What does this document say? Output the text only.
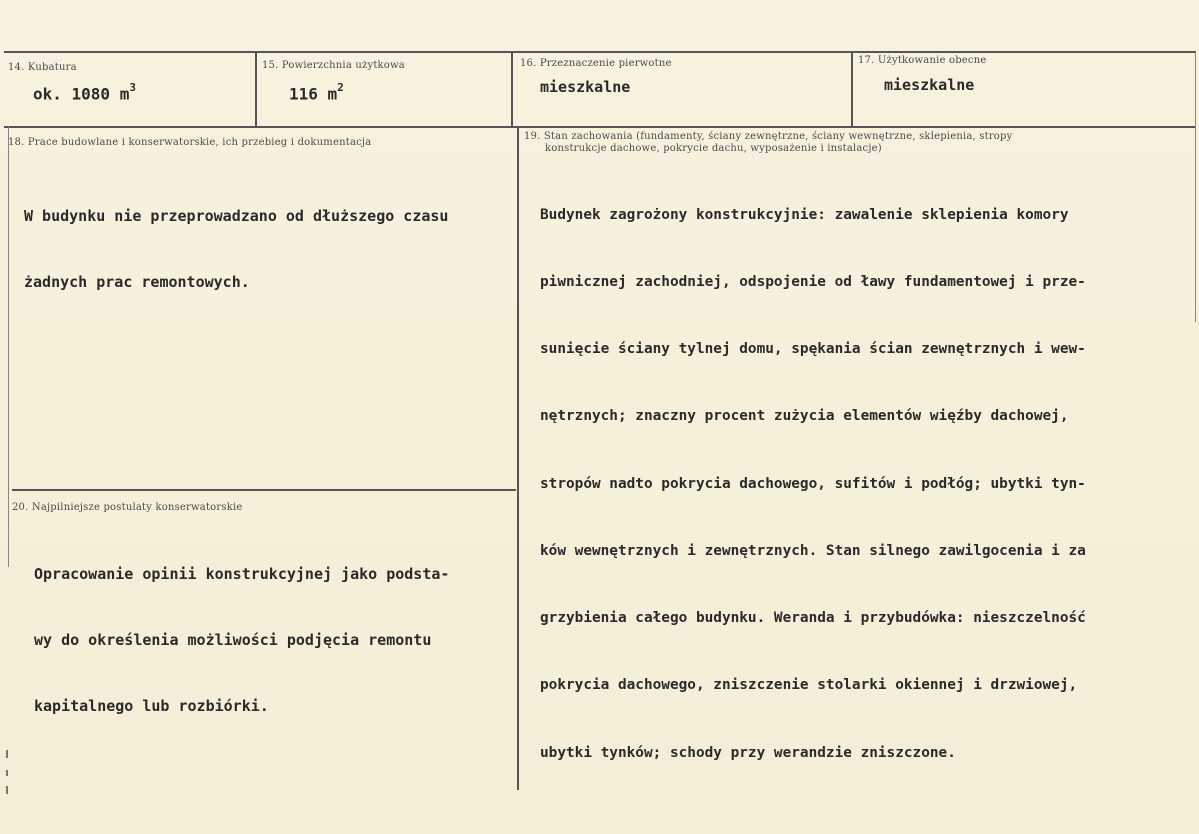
14. Kubatura
ok. 1080 $m^3$
15. Powierzchnia użytkowa
116 $m^2$
16. Przeznaczenie pierwotne
mieszkalne
17. Użytkowanie obecne
mieszkalne
18. Prace budowlane i konserwatorskie, ich przebieg i dokumentacja

W budynku nie przeprowadzano od dłuższego czasu

żadnych prac remontowych.

19. Stan zachowania (fundamenty, ściany zewnętrzne, ściany wewnętrzne, sklepienia, stropy
konstrukcje dachowe, pokrycie dachu, wyposażenie i instalacje)

Budynek zagrożony konstrukcyjnie: zawalenie sklepienia komory

piwnicznej zachodniej, odspojenie od ławy fundamentowej i prze-

sunięcie ściany tylnej domu, spękania ścian zewnętrznych i wew-

nętrznych; znaczny procent zużycia elementów więźby dachowej,

stropów nadto pokrycia dachowego, sufitów i podłóg; ubytki tyn-

ków wewnętrznych i zewnętrznych. Stan silnego zawilgocenia i za

grzybienia całego budynku. Weranda i przybudówka: nieszczelność

pokrycia dachowego, zniszczenie stolarki okiennej i drzwiowej,

ubytki tynków; schody przy werandzie zniszczone.

20. Najpilniejsze postulaty konserwatorskie

Opracowanie opinii konstrukcyjnej jako podsta-

wy do określenia możliwości podjęcia remontu

kapitalnego lub rozbiórki.
